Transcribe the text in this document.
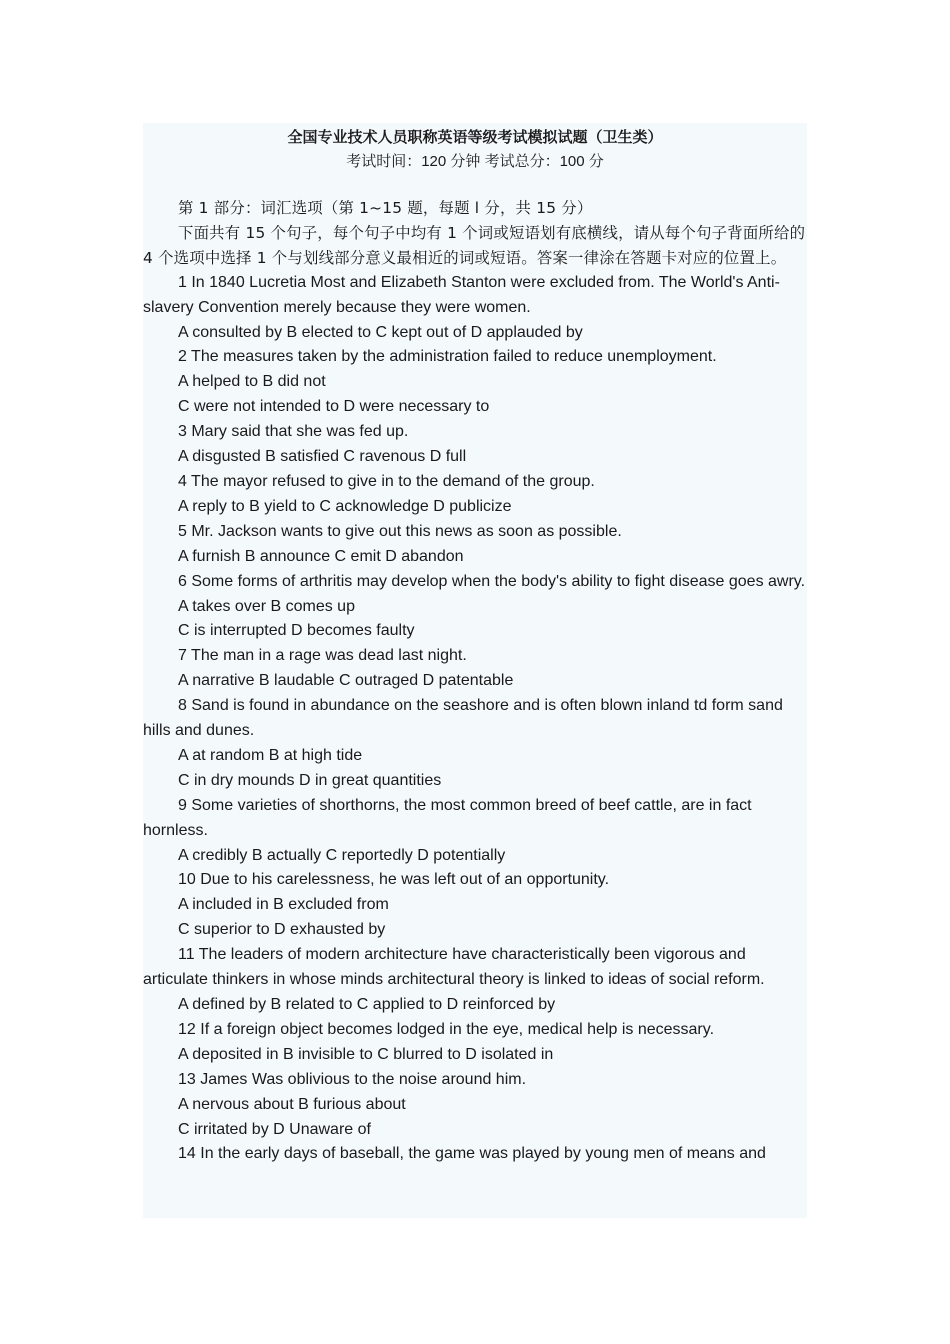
全国专业技术人员职称英语等级考试模拟试题（卫生类）
考试时间：120 分钟 考试总分：100 分

第 1 部分：词汇选项（第 1~15 题，每题 l 分，共 15 分）

下面共有 15 个句子，每个句子中均有 1 个词或短语划有底横线，请从每个句子背面所给的 4 个选项中选择 1 个与划线部分意义最相近的词或短语。答案一律涂在答题卡对应的位置上。

1 In 1840 Lucretia Most and Elizabeth Stanton were excluded from. The World's Anti-slavery Convention merely because they were women.

A consulted by B elected to C kept out of D applauded by

2 The measures taken by the administration failed to reduce unemployment.

A helped to B did not

C were not intended to D were necessary to

3 Mary said that she was fed up.

A disgusted B satisfied C ravenous D full

4 The mayor refused to give in to the demand of the group.

A reply to B yield to C acknowledge D publicize

5 Mr. Jackson wants to give out this news as soon as possible.

A furnish B announce C emit D abandon

6 Some forms of arthritis may develop when the body's ability to fight disease goes awry.

A takes over B comes up

C is interrupted D becomes faulty

7 The man in a rage was dead last night.

A narrative B laudable C outraged D patentable

8 Sand is found in abundance on the seashore and is often blown inland td form sand hills and dunes.

A at random B at high tide

C in dry mounds D in great quantities

9 Some varieties of shorthorns, the most common breed of beef cattle, are in fact hornless.

A credibly B actually C reportedly D potentially

10 Due to his carelessness, he was left out of an opportunity.

A included in B excluded from

C superior to D exhausted by

11 The leaders of modern architecture have characteristically been vigorous and articulate thinkers in whose minds architectural theory is linked to ideas of social reform.

A defined by B related to C applied to D reinforced by

12 If a foreign object becomes lodged in the eye, medical help is necessary.

A deposited in B invisible to C blurred to D isolated in

13 James Was oblivious to the noise around him.

A nervous about B furious about

C irritated by D Unaware of

14 In the early days of baseball, the game was played by young men of means and
